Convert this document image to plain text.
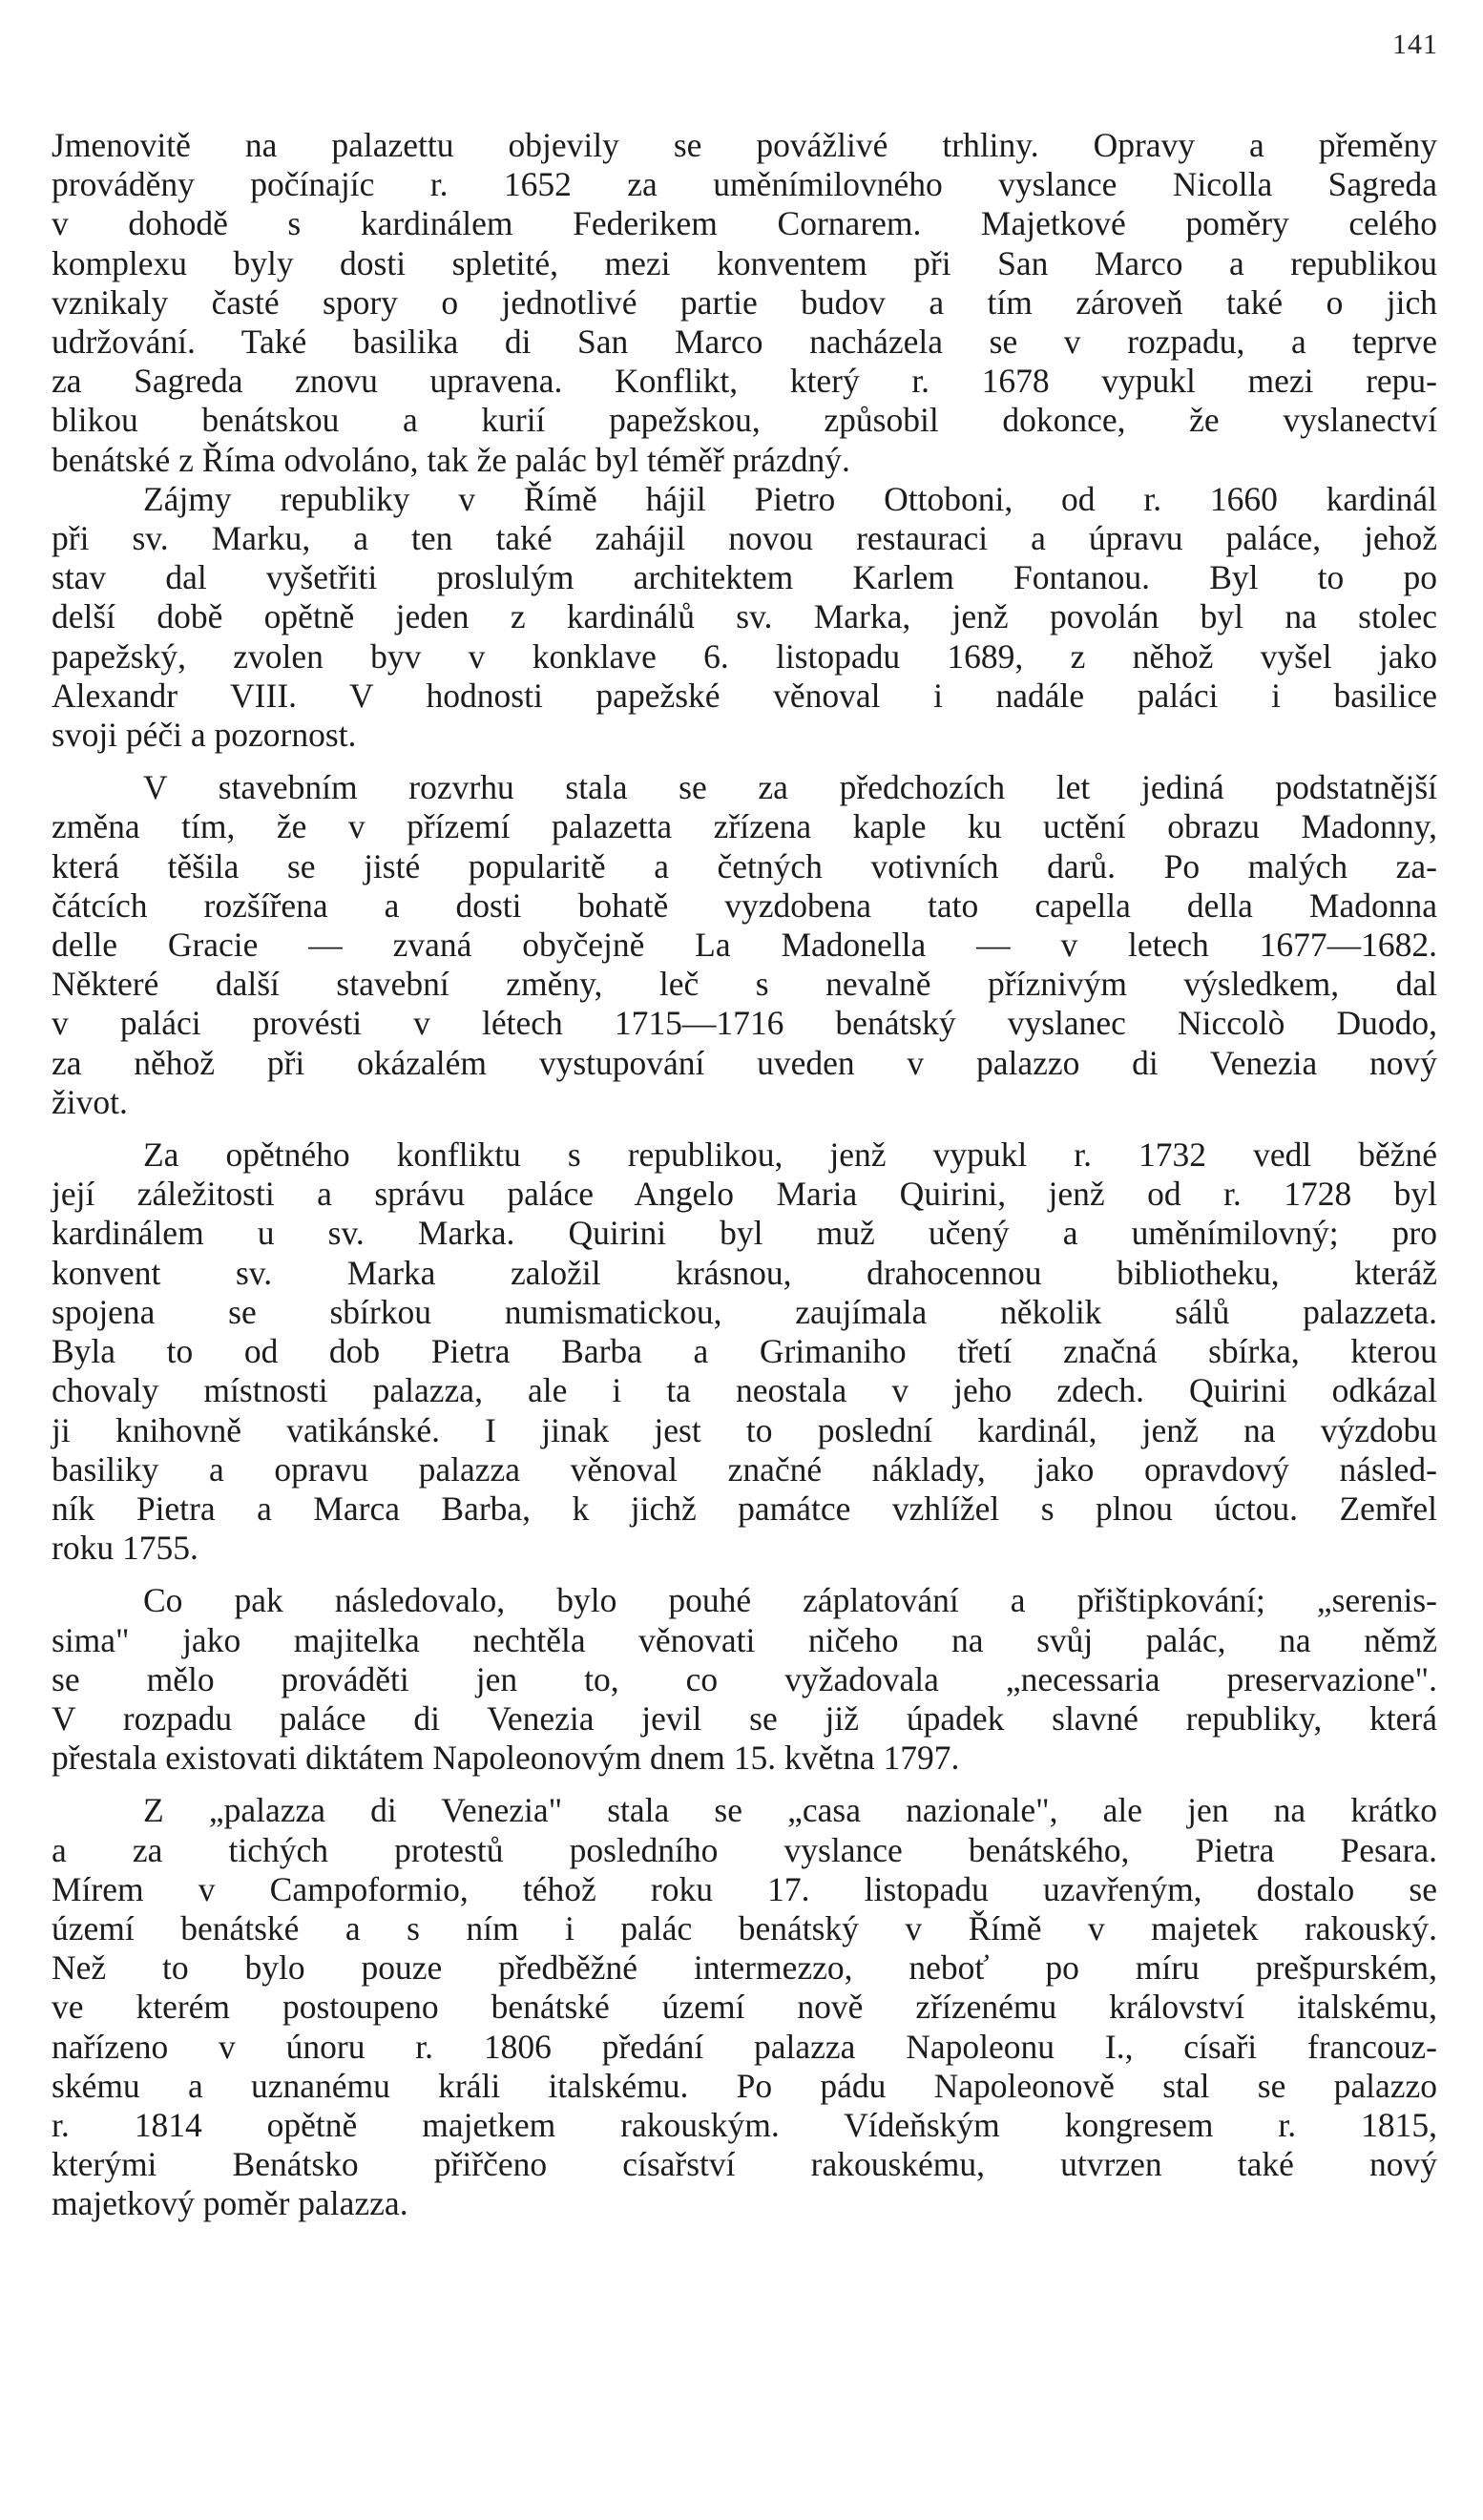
141
Jmenovitě na palazettu objevily se povážlivé trhliny. Opravy a přeměny
prováděny počínajíc r. 1652 za uměnímilovného vyslance Nicolla Sagreda
v dohodě s kardinálem Federikem Cornarem. Majetkové poměry celého
komplexu byly dosti spletité, mezi konventem při San Marco a republikou
vznikaly časté spory o jednotlivé partie budov a tím zároveň také o jich
udržování. Také basilika di San Marco nacházela se v rozpadu, a teprve
za Sagreda znovu upravena. Konflikt, který r. 1678 vypukl mezi repu-
blikou benátskou a kurií papežskou, způsobil dokonce, že vyslanectví
benátské z Říma odvoláno, tak že palác byl téměř prázdný.
Zájmy republiky v Římě hájil Pietro Ottoboni, od r. 1660 kardinál
při sv. Marku, a ten také zahájil novou restauraci a úpravu paláce, jehož
stav dal vyšetřiti proslulým architektem Karlem Fontanou. Byl to po
delší době opětně jeden z kardinálů sv. Marka, jenž povolán byl na stolec
papežský, zvolen byv v konklave 6. listopadu 1689, z něhož vyšel jako
Alexandr VIII. V hodnosti papežské věnoval i nadále paláci i basilice
svoji péči a pozornost.
V stavebním rozvrhu stala se za předchozích let jediná podstatnější
změna tím, že v přízemí palazetta zřízena kaple ku uctění obrazu Madonny,
která těšila se jisté popularitě a četných votivních darů. Po malých za-
čátcích rozšířena a dosti bohatě vyzdobena tato capella della Madonna
delle Gracie — zvaná obyčejně La Madonella — v letech 1677—1682.
Některé další stavební změny, leč s nevalně příznivým výsledkem, dal
v paláci provésti v létech 1715—1716 benátský vyslanec Niccolò Duodo,
za něhož při okázalém vystupování uveden v palazzo di Venezia nový
život.
Za opětného konfliktu s republikou, jenž vypukl r. 1732 vedl běžné
její záležitosti a správu paláce Angelo Maria Quirini, jenž od r. 1728 byl
kardinálem u sv. Marka. Quirini byl muž učený a uměnímilovný; pro
konvent sv. Marka založil krásnou, drahocennou bibliotheku, kteráž
spojena se sbírkou numismatickou, zaujímala několik sálů palazzeta.
Byla to od dob Pietra Barba a Grimaniho třetí značná sbírka, kterou
chovaly místnosti palazza, ale i ta neostala v jeho zdech. Quirini odkázal
ji knihovně vatikánské. I jinak jest to poslední kardinál, jenž na výzdobu
basiliky a opravu palazza věnoval značné náklady, jako opravdový násled-
ník Pietra a Marca Barba, k jichž památce vzhlížel s plnou úctou. Zemřel
roku 1755.
Co pak následovalo, bylo pouhé záplatování a přištipkování; „serenis-
sima" jako majitelka nechtěla věnovati ničeho na svůj palác, na němž
se mělo prováděti jen to, co vyžadovala „necessaria preservazione".
V rozpadu paláce di Venezia jevil se již úpadek slavné republiky, která
přestala existovati diktátem Napoleonovým dnem 15. května 1797.
Z „palazza di Venezia" stala se „casa nazionale", ale jen na krátko
a za tichých protestů posledního vyslance benátského, Pietra Pesara.
Mírem v Campoformio, téhož roku 17. listopadu uzavřeným, dostalo se
území benátské a s ním i palác benátský v Římě v majetek rakouský.
Než to bylo pouze předběžné intermezzo, neboť po míru prešpurském,
ve kterém postoupeno benátské území nově zřízenému království italskému,
nařízeno v únoru r. 1806 předání palazza Napoleonu I., císaři francouz-
skému a uznanému králi italskému. Po pádu Napoleonově stal se palazzo
r. 1814 opětně majetkem rakouským. Vídeňským kongresem r. 1815,
kterými Benátsko přiřčeno císařství rakouskému, utvrzen také nový
majetkový poměr palazza.
